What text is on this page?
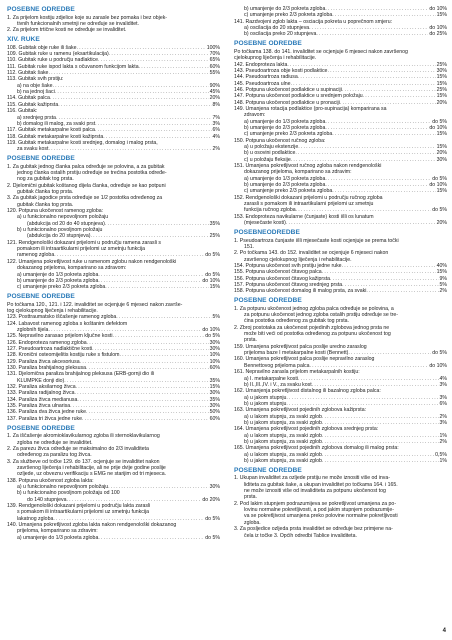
POSEBNE ODREDBE
1. Za prijelom kostiju zdjelice koje su zarasle bez pomaka i bez objek-
tivnih funkcionalnih smetnji ne određuje se invaliditet.
2. Za prijelom trtične kosti ne određuje se invaliditet.
XIV. RUKE
108. Gubitak obje ruke ili šake .....	100%
109. Gubitak ruke u ramenu (eksartikulacija) .....	70%
110. Gubitak ruke u području nadlaktice .....	65%
111. Gubitak ruke ispod lakta s očuvanom funkcijom lakta .....	60%
112. Gubitak šake .....	55%
113. Gubitak svih prstiju:
a) na obje šake .....	90%
b) na jednoj šaci .....	45%
114. Gubitak palca .....	20%
115. Gubitak kažiprsta .....	8%
116. Gubitak:
a) srednjeg prsta .....	7%
b) domalog ili malog, za svaki prst .....	3%
117. Gubitak metakarpalne kosti palca .....	6%
118. Gubitak metakarpalne kosti kažiprsta .....	4%
119. Gubitak metakarpalne kosti srednjeg, domalog i malog prsta,
za svaku kost .....	2%
POSEBNE ODREDBE
1. Za gubitak jednog članka palca određuje se polovina, a za gubitak
jednog članka ostalih prstiju određuje se trećina postotka određe-
nog za gubitak tog prsta.
2. Djelomični gubitak koštanog dijela članka, određuje se kao potpuni
gubitak članka tog prsta.
3. Za gubitak jagodice prsta određuje se 1/2 postotka određenog za
gubitak članka tog prsta.
120. Potpuna ukočenost ramenog zgloba:
a) u funkcionalno nepovoljnom položaju
(abdukcija od 20 do 40 stupnjeva) .....	35%
b) u funkcionalno povoljnom položaju
(abdukcija do 20 stupnjeva) .....	25%
121. Rendgenološki dokazani prijelomi u području ramena zarasli s
pomakom ili intraartikularni prijelomi uz smetnju funkcija
ramenog zgloba .....	do 5%
122. Umanjena pokretljivost ruke u ramenom zglobu nakon rendgenološki
dokazanog prijeloma, komparirano sa zdravom:
a) umanjenje do 1/3 pokreta zgloba .....	do 5%
b) umanjenje do 2/3 pokreta zgloba .....	do 10%
c) umanjenje preko 2/3 pokreta zgloba .....	15%
POSEBNE ODREDBE
Po točkama 120., 121. i 122. invaliditet se ocjenjuje 6 mjeseci nakon završe-
tog cjelokupnog liječenja i rehabilitacije.
123. Posttraumatsko iščašenje ramenog zgloba .....	5%
124. Labavost ramenog zgloba s koštanim defektom
zglobnih tijela .....	do 10%
125. Nepravilno zarasao prijelom ključne kosti .....	do 5%
126. Endoproteza ramenog zgloba .....	30%
127. Pseudoartroza nadlaktične kosti .....	30%
128. Kronični osteomijelitis kostiju ruke s fistulom .....	10%
129. Paraliza živca akcesoriusa .....	10%
130. Paraliza brahijalnog pleksusa .....	60%
131. Djelomična paraliza brahijalnog pleksusa (ERB-gornji dio ili
KLUMPKE donji dio) .....	35%
132. Paraliza aksilarnog živca .....	15%
133. Paraliza radijalnog živca .....	30%
134. Paraliza živca medianusa .....	35%
135. Paraliza živca ulnarisa .....	30%
136. Paraliza dva živca jedne ruke .....	50%
137. Paraliza tri živca jedne ruke .....	60%
POSEBNE ODREDBE
1. Za iščašenje akromioklavikularnog zgloba ili sternoklavikularnog
zgloba ne određuje se invaliditet.
2. Za parezu živca određuje se maksimalno do 2/3 invaliditeta
određenog za paralizu tog živca.
3. Za službeve od točke 129. do 137. ocjenjuje se invaliditet nakon
završenog liječenja i rehabilitacije, ali ne prije dvije godine poslije
ozljede, uz obveznu verifikaciju s EMG ne starijim od tri mjeseca.
138. Potpuna ukočenost zgloba lakta:
a) u funkcionalno nepovoljnom položaju .....	30%
b) u funkcionalno povoljnom položaju od 100
do 140 stupnjeva .....	do 20%
139. Rendgenološki dokazani prijelomi u području lakta zarasli
s pomakom ili intraartikularni prijelomi uz smetnju funkcija
lakatnog zgloba .....	do 5%
140. Umanjena pokretljivost zgloba lakta nakon rendgenološki dokazanog
prijeloma, komparirano sa zdravim:
a) umanjenje do 1/3 pokreta zgloba .....	do 5%
b) umanjenje do 2/3 pokreta zgloba .....	do 10%
c) umanjenje preko 2/3 pokreta zgloba .....	15%
141. Razdvojeni zglob lakta – osciacija pokreta u poprečnom smjeru:
a) oscilacija do 20 stupnjeva .....	do 10%
b) oscilacija preko 20 stupnjeva .....	do 25%
POSEBNE ODREDBE
Po točkama 138. do 141. invaliditet se ocjenjuje 6 mjeseci nakon završenog
cjelokupnog liječenja i rehabilitacije.
142. Endoproteza lakta .....	25%
143. Pseudoartroza obje kosti podlaktice .....	30%
144. Pseudoartroza radiusa .....	15%
145. Pseudoartroza ulne .....	15%
146. Potpuna ukočenost podlaktice u supinaciji .....	25%
147. Potpuna ukočenost podlaktice u srednjem položaju .....	15%
148. Potpuna ukočenost podlaktice u pronaciji .....	20%
149. Umanjena rotacija podlaktice (pro-supinacija) komparirana sa
zdravom:
a) umanjenje do 1/3 pokreta zgloba .....	do 5%
b) umanjenje do 2/3 pokreta zgloba .....	do 10%
c) umanjenje preko 2/3 pokreta zgloba .....	15%
150. Potpuna ukočenost ručnog zgloba:
a) u položaju ekstenzije .....	15%
b) u osovini podlaktice .....	20%
c) u položaju fleksije .....	30%
151. Umanjena pokretljivost ručnog zgloba nakon rendgenološki
dokazanog prijeloma, komparirano sa zdravim:
a) umanjenje do 1/3 pokreta zgloba .....	do 5%
b) umanjenje do 2/3 pokreta zgloba .....	do 10%
c) umanjenje preko 2/3 pokreta zgloba .....	15%
152. Rendgenološki dokazani prijelomi u području ručnog zgloba
zarasli s pomakom ili intraartikularni prijelomi uz smetnju
funkcija ručnog zgloba .....	do 5%
153. Endoproteza navikularne (čunjaste) kosti i/ili os lunatum
(mjesečaste kosti) .....	20%
POSEBNEODREDBE
1. Pseudoartroza čunjaste i/ili mjesečaste kosti ocjenjuje se prema točki
151.
2. Po točkama 143. do 152. invaliditet se ocjenjuje 6 mjeseci nakon
završenog cjelokupnog liječenja i rehabilitacije.
154. Potpuna ukočenost svih prstiju jedne ruke .....	40%
155. Potpuna ukočenost čitavog palca .....	15%
156. Potpuna ukočenost čitavog kažiprsta .....	9%
157. Potpuna ukočenost čitavog srednjeg prsta .....	5%
158. Potpuna ukočenost domalog ili malog prsta, za svaki .....	2%
POSEBNE ODREDBE
1. Za potpunu ukočenost jednog zgloba palca određuje se polovina, a
za potpunu ukočenost jednog zgloba ostalih prstiju određuje se tre-
ćina postotka određenog za gubitak tog prsta.
2. Zbroj postotaka za ukočenost pojedinih zglobova jednog prsta ne
može biti veći od postotka određenog za potpunu ukočenost tog
prsta.
159. Umanjena pokretljivost palca poslije uredno zaraslog
prijeloma baze I metakarpalne kosti (Bennett) .....	do 5%
160. Umanjena pokretljivost palca poslije nepravilno zaraslog
Bennettovog prijeloma palca .....	do 10%
161. Nepravilno zarasla prijelom metakarpalnih kostiju:
a) I. metakarpalne kosti .....	4%
b) II.,III.,IV. i V., za svaku kost .....	3%
162. Umanjenja pokretljivost distalnog ili bazalnog zgloba palca:
a) u jakom stupnju .....	3%
b) u jakom stupnju .....	6%
163. Umanjena pokretljivost pojedinih zglobova kažiprsta:
a) u lakom stupnju, za svaki zglob .....	2%
b) u jakom stupnju, za svaki zglob .....	3%
164. Umanjena pokretljivost pojedinih zglobova srednjeg prsta:
a) u lakom stupnju, za svaki zglob .....	1%
b) u jakom stupnju, za svaki zglob .....	2%
165. Umanjena pokretljivost pojedinih zglobova domalog ili malog prsta:
a) u lakom stupnju, za svaki zglob .....	0,5%
b) u jakom stupnju, za svaki zglob .....	1%
POSEBNE ODREDBE
1. Ukupan invaliditet za ozljede prstiju ne može iznositi više od inva-
liditeta za gubitak šake, a ukupan invaliditet po točkama 164. i 165.
ne može iznositi više od invaliditeta za potpunu ukočenost tog
prsta.
2. Pod lakim stupnjem podrazumijeva se pokretljivost umanjena za po-
lovinu normalne pokretljivosti, a pod jakim stupnjem podrazumije-
va se pokretljivost umanjena preko polovine normalne pokretljivosti
zgloba.
3. Za posljedice ozljeda prsta invaliditet se određuje bez primjene na-
čela iz točke 3. Općih odredbi Tablice invaliditeta.
4
